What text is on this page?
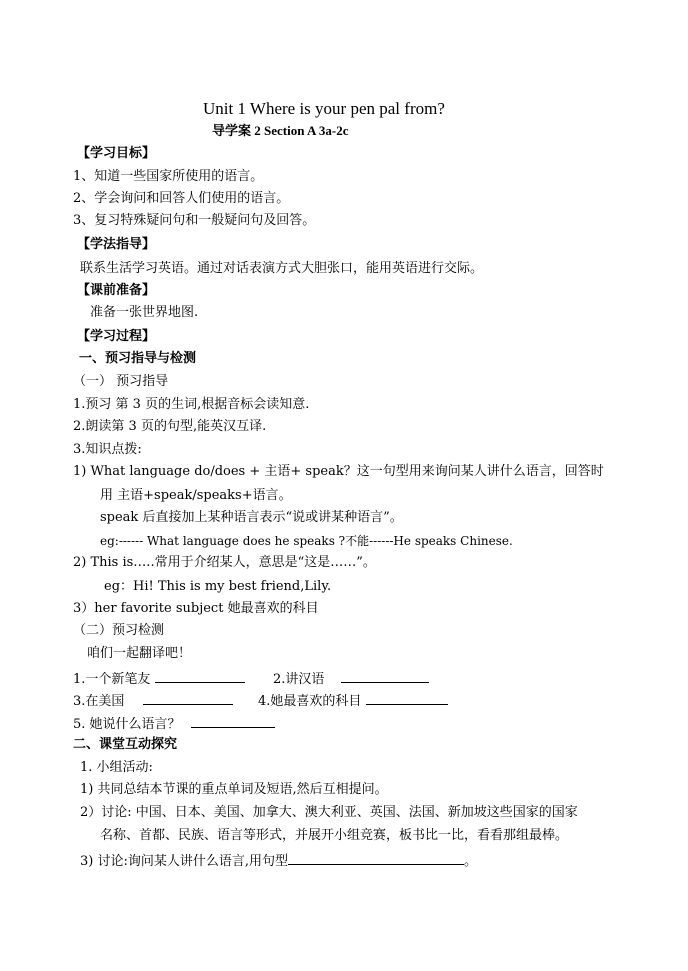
Unit 1 Where is your pen pal from?
导学案 2 Section A 3a-2c
【学习目标】
1、知道一些国家所使用的语言。
2、学会询问和回答人们使用的语言。
3、复习特殊疑问句和一般疑问句及回答。
【学法指导】
联系生活学习英语。通过对话表演方式大胆张口，能用英语进行交际。
【课前准备】
准备一张世界地图.
【学习过程】
一、预习指导与检测
（一） 预习指导
1.预习 第 3 页的生词,根据音标会读知意.
2.朗读第 3 页的句型,能英汉互译.
3.知识点拨:
1) What language do/does + 主语+ speak？这一句型用来询问某人讲什么语言，回答时
用 主语+speak/speaks+语言。
speak 后直接加上某种语言表示“说或讲某种语言”。
eg:------ What language does he speaks ?不能------He speaks Chinese.
2) This is…..常用于介绍某人，意思是“这是……”。
eg：Hi! This is my best friend,Lily.
3）her favorite subject 她最喜欢的科目
（二）预习检测
咱们一起翻译吧！
1.一个新笔友	2.讲汉语
3.在美国	4.她最喜欢的科目
5. 她说什么语言？
二、课堂互动探究
1. 小组活动:
1) 共同总结本节课的重点单词及短语,然后互相提问。
2）讨论: 中国、日本、美国、加拿大、澳大利亚、英国、法国、新加坡这些国家的国家
名称、首都、民族、语言等形式，并展开小组竞赛，板书比一比，看看那组最棒。
3) 讨论:询问某人讲什么语言,用句型	。
